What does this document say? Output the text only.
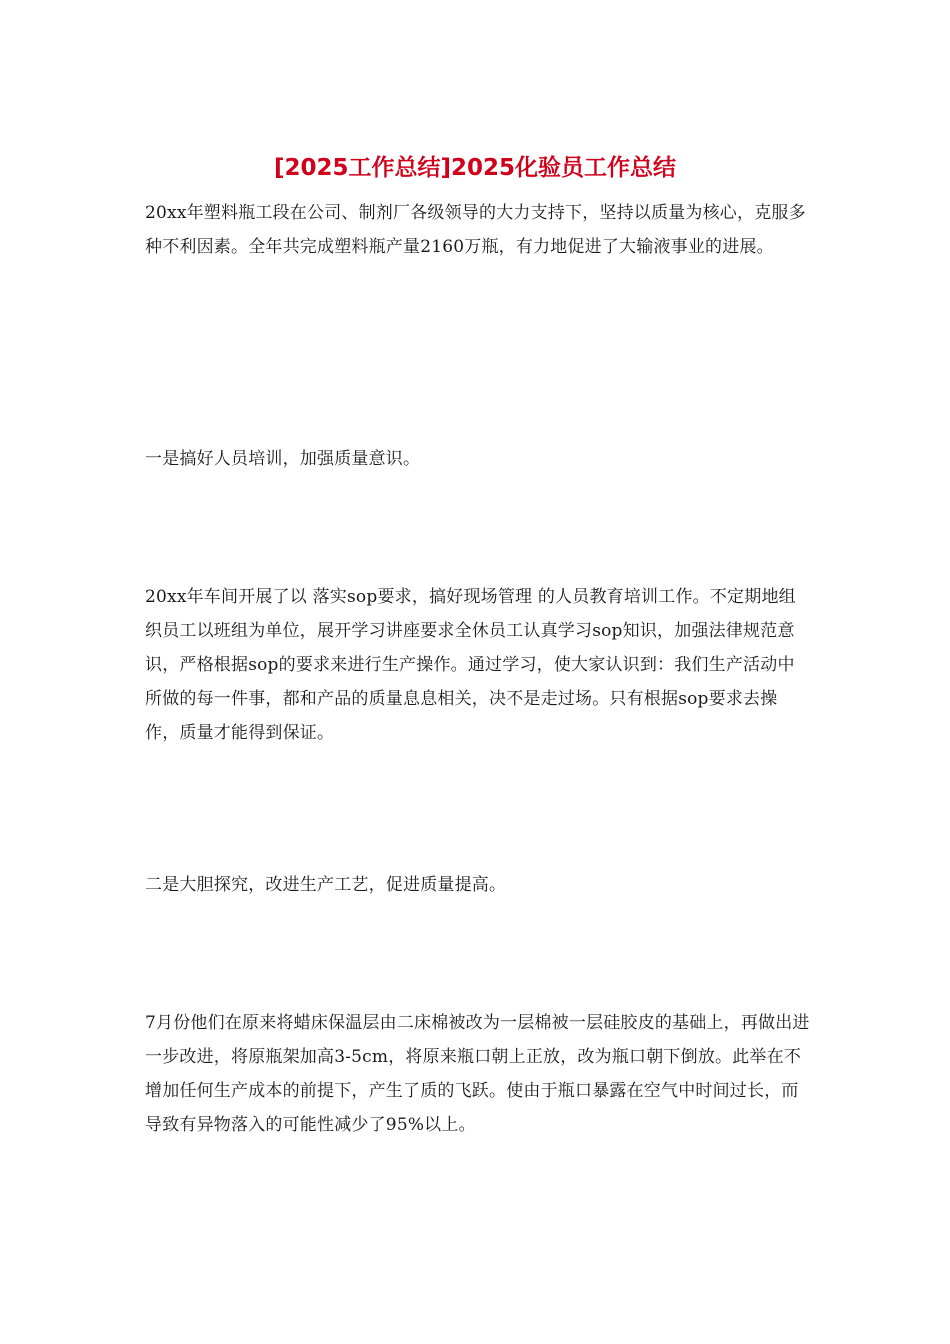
[2025工作总结]2025化验员工作总结

20xx年塑料瓶工段在公司、制剂厂各级领导的大力支持下，坚持以质量为核心，克服多种不利因素。全年共完成塑料瓶产量2160万瓶，有力地促进了大输液事业的进展。

一是搞好人员培训，加强质量意识。

20xx年车间开展了以 落实sop要求，搞好现场管理 的人员教育培训工作。不定期地组织员工以班组为单位，展开学习讲座要求全休员工认真学习sop知识，加强法律规范意识，严格根据sop的要求来进行生产操作。通过学习，使大家认识到：我们生产活动中所做的每一件事，都和产品的质量息息相关，决不是走过场。只有根据sop要求去操作，质量才能得到保证。

二是大胆探究，改进生产工艺，促进质量提高。

7月份他们在原来将蜡床保温层由二床棉被改为一层棉被一层硅胶皮的基础上，再做出进一步改进，将原瓶架加高3-5cm，将原来瓶口朝上正放，改为瓶口朝下倒放。此举在不增加任何生产成本的前提下，产生了质的飞跃。使由于瓶口暴露在空气中时间过长，而导致有异物落入的可能性减少了95%以上。
